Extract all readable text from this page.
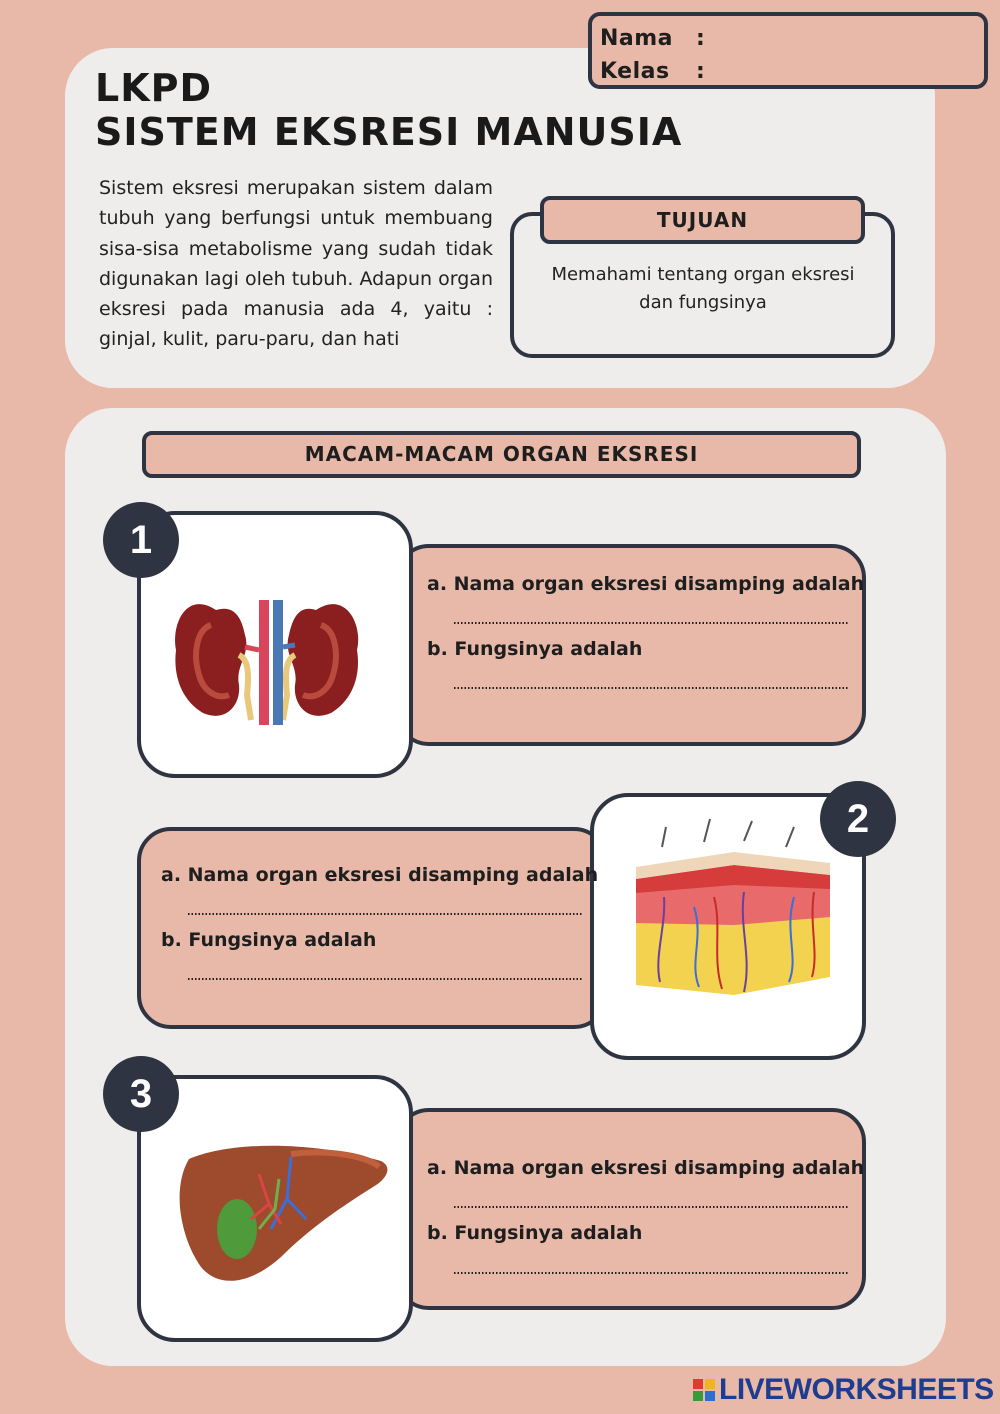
Nama :
Kelas :
LKPD
SISTEM EKSRESI MANUSIA

Sistem eksresi merupakan sistem dalam tubuh yang berfungsi untuk membuang sisa-sisa metabolisme yang sudah tidak digunakan lagi oleh tubuh. Adapun organ eksresi pada manusia ada 4, yaitu : ginjal, kulit, paru-paru, dan hati

TUJUAN

Memahami tentang organ eksresi dan fungsinya

MACAM-MACAM ORGAN EKSRESI
1
a. Nama organ eksresi disamping adalah
b. Fungsinya adalah
2
a. Nama organ eksresi disamping adalah
b. Fungsinya adalah
3
a. Nama organ eksresi disamping adalah
b. Fungsinya adalah
LIVEWORKSHEETS
